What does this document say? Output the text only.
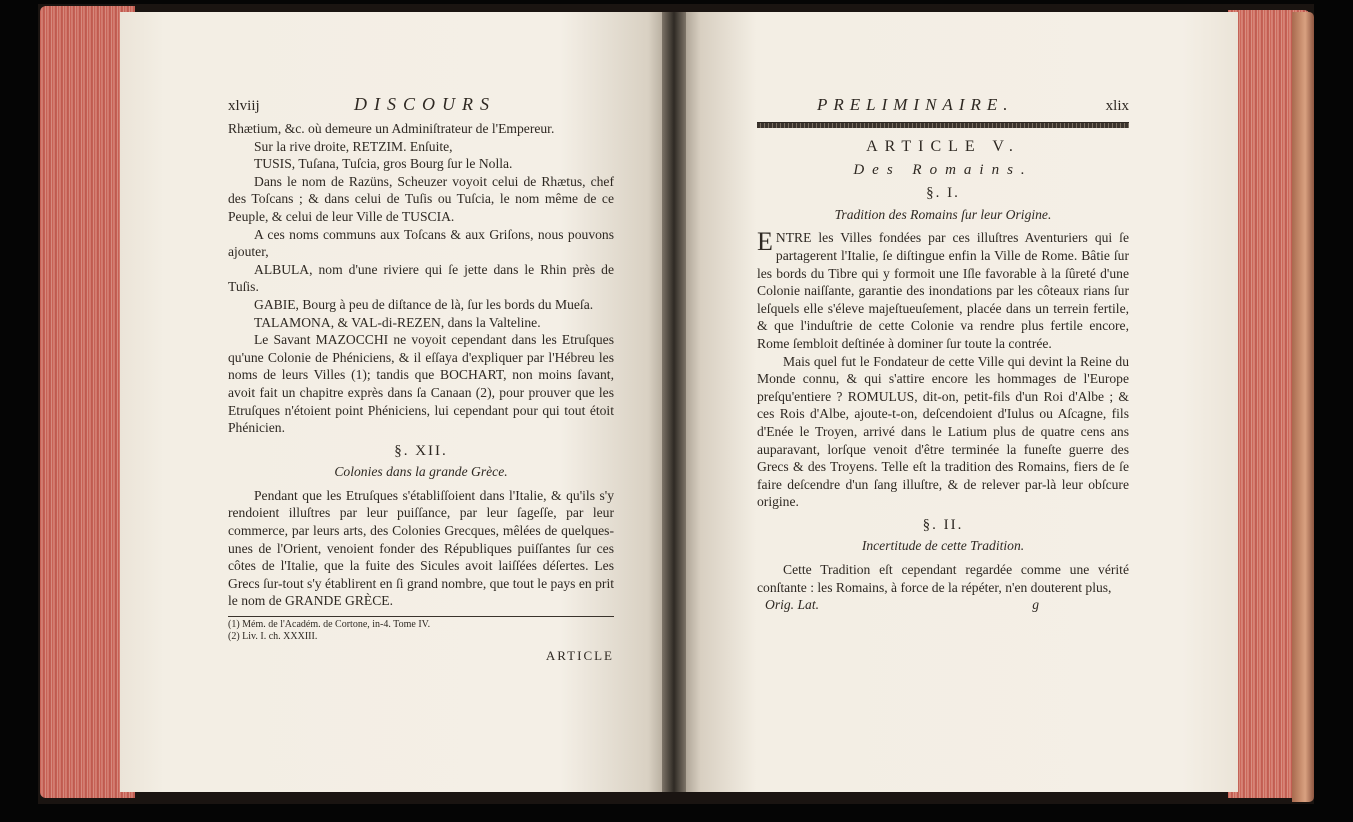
xlviij	DISCOURS

Rhætium, &c. où demeure un Adminiſtrateur de l'Empereur.

Sur la rive droite, RETZIM. Enſuite,

TUSIS, Tuſana, Tuſcia, gros Bourg ſur le Nolla.

Dans le nom de Razüns, Scheuzer voyoit celui de Rhætus, chef des Toſcans ; & dans celui de Tuſis ou Tuſcia, le nom même de ce Peuple, & celui de leur Ville de TUSCIA.

A ces noms communs aux Toſcans & aux Griſons, nous pouvons ajouter,

ALBULA, nom d'une riviere qui ſe jette dans le Rhin près de Tuſis.

GABIE, Bourg à peu de diſtance de là, ſur les bords du Mueſa.

TALAMONA, & VAL-di-REZEN, dans la Valteline.

Le Savant MAZOCCHI ne voyoit cependant dans les Etruſques qu'une Colonie de Phéniciens, & il eſſaya d'expliquer par l'Hébreu les noms de leurs Villes (1); tandis que BOCHART, non moins ſavant, avoit fait un chapitre exprès dans ſa Canaan (2), pour prouver que les Etruſques n'étoient point Phéniciens, lui cependant pour qui tout étoit Phénicien.

§. XII.
Colonies dans la grande Grèce.

Pendant que les Etruſques s'établiſſoient dans l'Italie, & qu'ils s'y rendoient illuſtres par leur puiſſance, par leur ſageſſe, par leur commerce, par leurs arts, des Colonies Grecques, mêlées de quelques-unes de l'Orient, venoient fonder des Républiques puiſſantes ſur ces côtes de l'Italie, que la fuite des Sicules avoit laiſſées déſertes. Les Grecs ſur-tout s'y établirent en ſi grand nombre, que tout le pays en prit le nom de GRANDE GRÈCE.

(1) Mém. de l'Académ. de Cortone, in-4. Tome IV.
(2) Liv. I. ch. XXXIII.
ARTICLE
PRELIMINAIRE.	xlix
ARTICLE V.
Des Romains.
§. I.
Tradition des Romains ſur leur Origine.

ENTRE les Villes fondées par ces illuſtres Aventuriers qui ſe partagerent l'Italie, ſe diſtingue enfin la Ville de Rome. Bâtie ſur les bords du Tibre qui y formoit une Iſle favorable à la ſûreté d'une Colonie naiſſante, garantie des inondations par les côteaux rians ſur leſquels elle s'éleve majeſtueuſement, placée dans un terrein fertile, & que l'induſtrie de cette Colonie va rendre plus fertile encore, Rome ſembloit deſtinée à dominer ſur toute la contrée.

Mais quel fut le Fondateur de cette Ville qui devint la Reine du Monde connu, & qui s'attire encore les hommages de l'Europe preſqu'entiere ? ROMULUS, dit-on, petit-fils d'un Roi d'Albe ; & ces Rois d'Albe, ajoute-t-on, deſcendoient d'Iulus ou Aſcagne, fils d'Enée le Troyen, arrivé dans le Latium plus de quatre cens ans auparavant, lorſque venoit d'être terminée la funeſte guerre des Grecs & des Troyens. Telle eſt la tradition des Romains, fiers de ſe faire deſcendre d'un ſang illuſtre, & de relever par-là leur obſcure origine.

§. II.
Incertitude de cette Tradition.

Cette Tradition eſt cependant regardée comme une vérité conſtante : les Romains, à force de la répéter, n'en douterent plus,

Orig. Lat.	g
